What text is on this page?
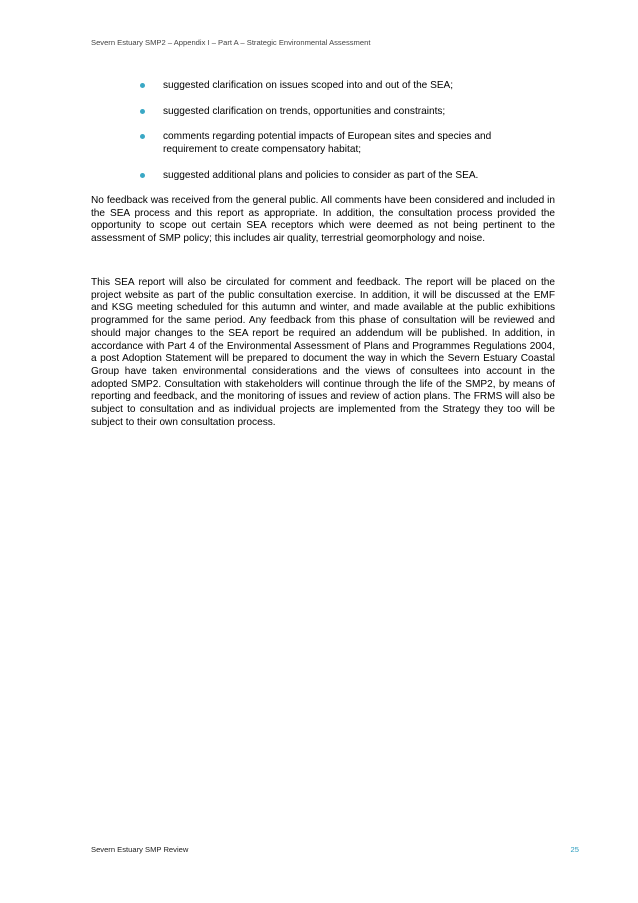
Severn Estuary SMP2 – Appendix I – Part A – Strategic Environmental Assessment
suggested clarification on issues scoped into and out of the SEA;
suggested clarification on trends, opportunities and constraints;
comments regarding potential impacts of European sites and species and requirement to create compensatory habitat;
suggested additional plans and policies to consider as part of the SEA.

No feedback was received from the general public. All comments have been considered and included in the SEA process and this report as appropriate. In addition, the consultation process provided the opportunity to scope out certain SEA receptors which were deemed as not being pertinent to the assessment of SMP policy; this includes air quality, terrestrial geomorphology and noise.

This SEA report will also be circulated for comment and feedback. The report will be placed on the project website as part of the public consultation exercise. In addition, it will be discussed at the EMF and KSG meeting scheduled for this autumn and winter, and made available at the public exhibitions programmed for the same period. Any feedback from this phase of consultation will be reviewed and should major changes to the SEA report be required an addendum will be published. In addition, in accordance with Part 4 of the Environmental Assessment of Plans and Programmes Regulations 2004, a post Adoption Statement will be prepared to document the way in which the Severn Estuary Coastal Group have taken environmental considerations and the views of consultees into account in the adopted SMP2. Consultation with stakeholders will continue through the life of the SMP2, by means of reporting and feedback, and the monitoring of issues and review of action plans. The FRMS will also be subject to consultation and as individual projects are implemented from the Strategy they too will be subject to their own consultation process.

Severn Estuary SMP Review	25
